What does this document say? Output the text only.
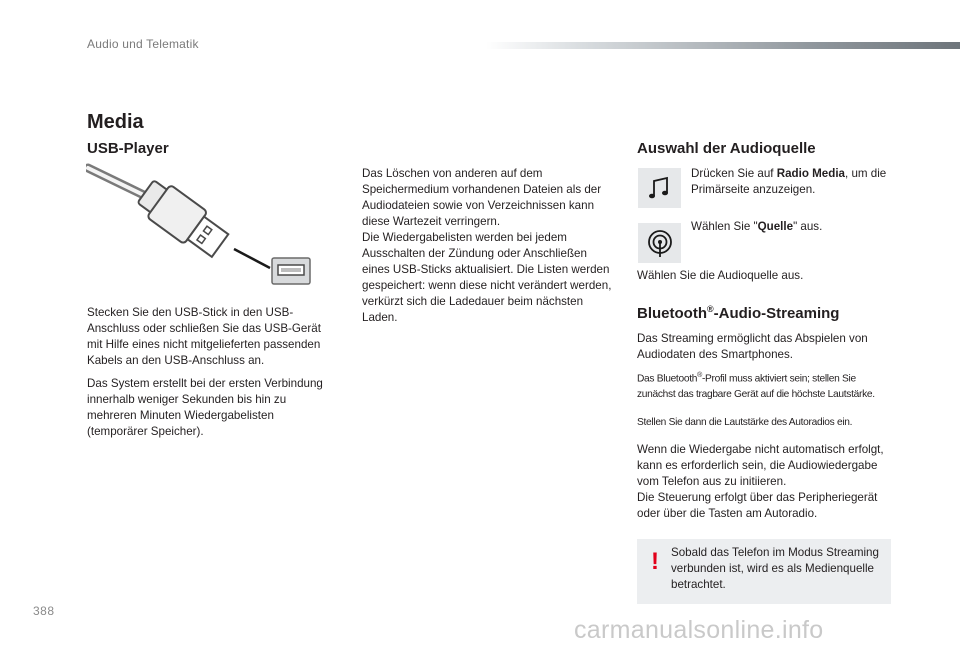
Audio und Telematik
Media
USB-Player

Stecken Sie den USB-Stick in den USB-Anschluss oder schließen Sie das USB-Gerät mit Hilfe eines nicht mitgelieferten passenden Kabels an den USB-Anschluss an.

Das System erstellt bei der ersten Verbindung innerhalb weniger Sekunden bis hin zu mehreren Minuten Wiedergabelisten (temporärer Speicher).

Das Löschen von anderen auf dem Speichermedium vorhandenen Dateien als der Audiodateien sowie von Verzeichnissen kann diese Wartezeit verringern.

Die Wiedergabelisten werden bei jedem Ausschalten der Zündung oder Anschließen eines USB-Sticks aktualisiert. Die Listen werden gespeichert: wenn diese nicht verändert werden, verkürzt sich die Ladedauer beim nächsten Laden.

Auswahl der Audioquelle

Drücken Sie auf Radio Media, um die Primärseite anzuzeigen.

Wählen Sie "Quelle" aus.

Wählen Sie die Audioquelle aus.

Bluetooth®-Audio-Streaming

Das Streaming ermöglicht das Abspielen von Audiodaten des Smartphones.

Das Bluetooth®-Profil muss aktiviert sein; stellen Sie zunächst das tragbare Gerät auf die höchste Lautstärke.

Stellen Sie dann die Lautstärke des Autoradios ein.

Wenn die Wiedergabe nicht automatisch erfolgt, kann es erforderlich sein, die Audiowiedergabe vom Telefon aus zu initiieren.

Die Steuerung erfolgt über das Peripheriegerät oder über die Tasten am Autoradio.

! Sobald das Telefon im Modus Streaming verbunden ist, wird es als Medienquelle betrachtet.
388
carmanualsonline.info
